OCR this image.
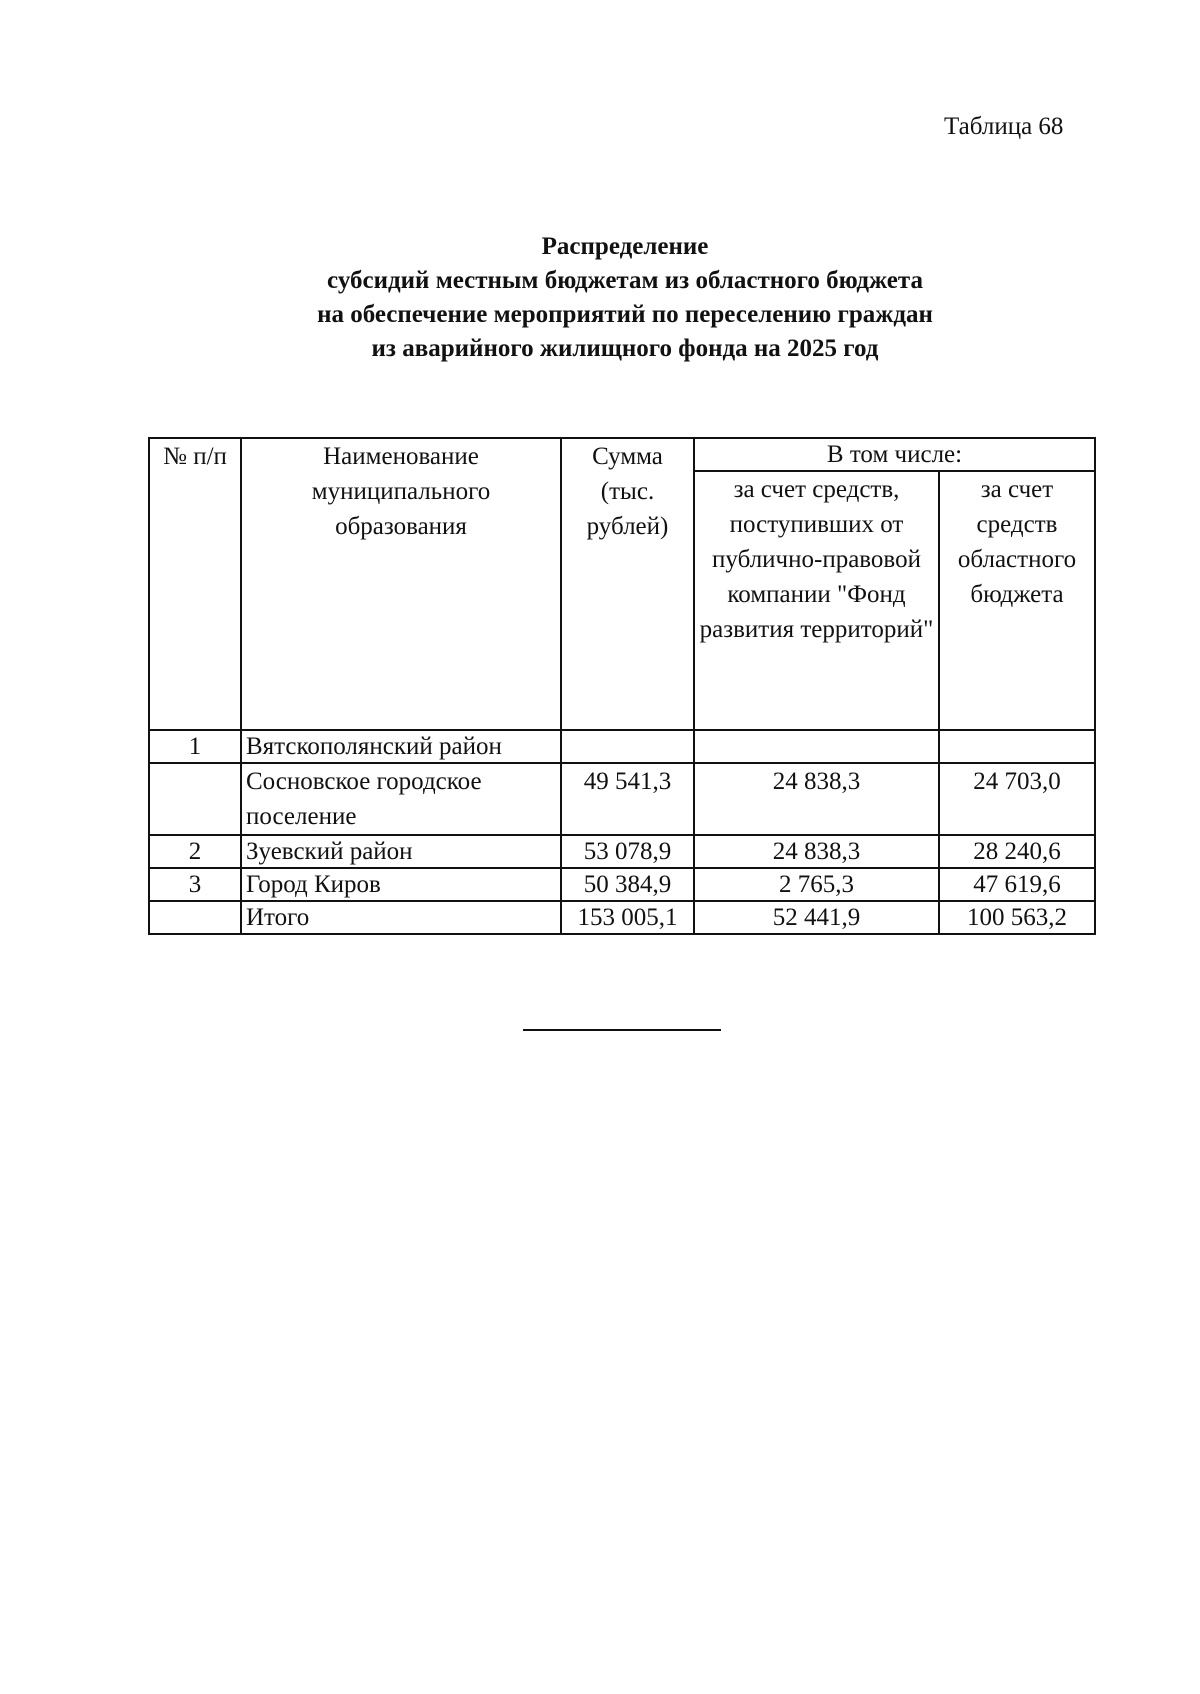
Таблица 68
Распределение
субсидий местным бюджетам из областного бюджета
на обеспечение мероприятий по переселению граждан
из аварийного жилищного фонда на 2025 год
№ п/п	Наименование муниципального образования	Сумма (тыс. рублей)	В том числе:	
			за счет средств, поступивших от публично-правовой компании "Фонд развития территорий"	за счет средств областного бюджета
1	Вятскополянский район			
	Сосновское городское поселение	49 541,3	24 838,3	24 703,0
2	Зуевский район	53 078,9	24 838,3	28 240,6
3	Город Киров	50 384,9	2 765,3	47 619,6
	Итого	153 005,1	52 441,9	100 563,2
